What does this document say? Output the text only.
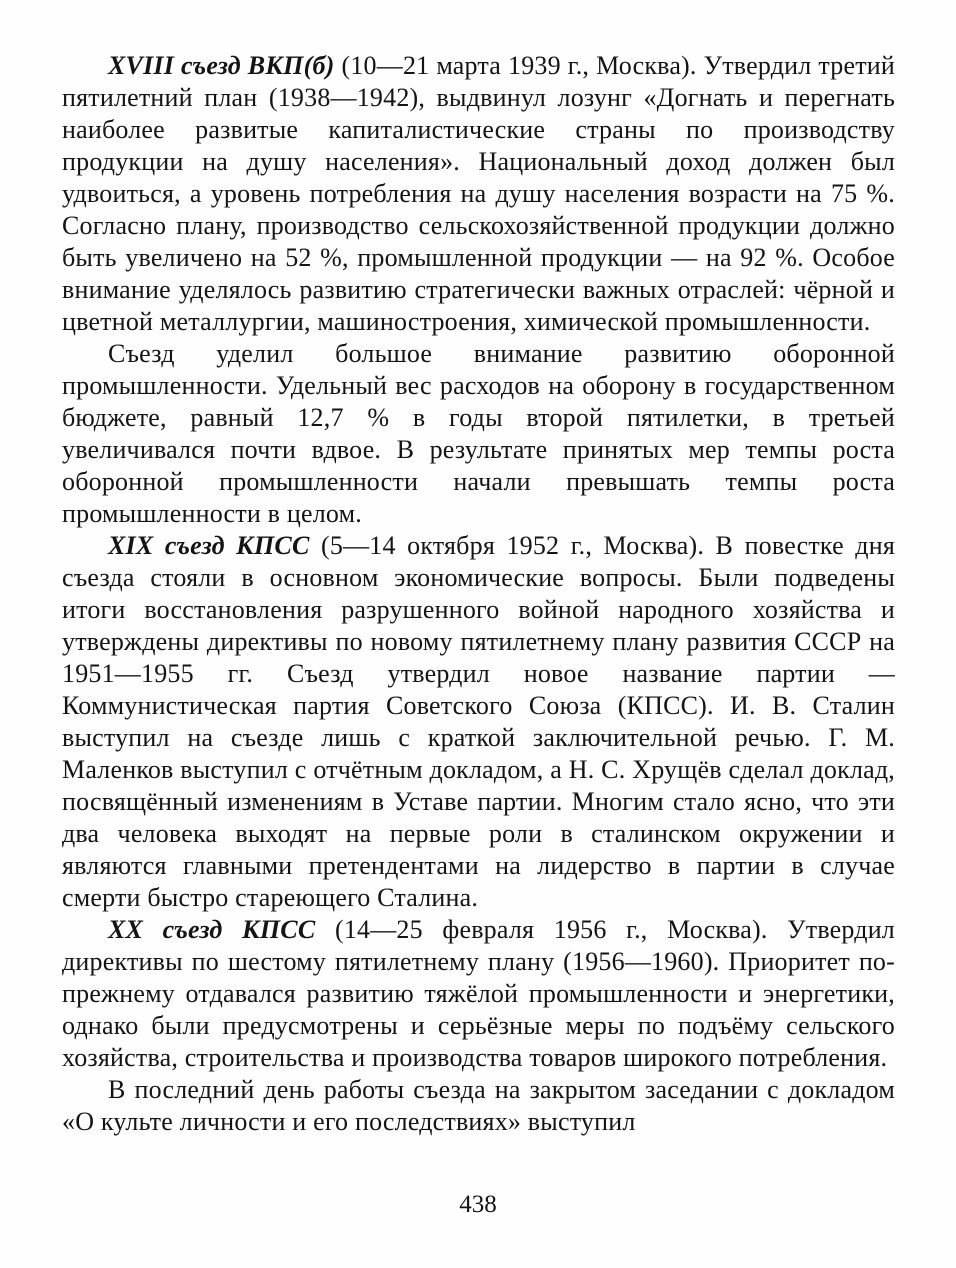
XVIII съезд ВКП(б) (10—21 марта 1939 г., Москва). Утвердил третий пятилетний план (1938—1942), выдвинул лозунг «Догнать и перегнать наиболее развитые капиталистические страны по производству продукции на душу населения». Национальный доход должен был удвоиться, а уровень потребления на душу населения возрасти на 75 %. Согласно плану, производство сельскохозяйственной продукции должно быть увеличено на 52 %, промышленной продукции — на 92 %. Особое внимание уделялось развитию стратегически важных отраслей: чёрной и цветной металлургии, машиностроения, химической промышленности.

Съезд уделил большое внимание развитию оборонной промышленности. Удельный вес расходов на оборону в государственном бюджете, равный 12,7 % в годы второй пятилетки, в третьей увеличивался почти вдвое. В результате принятых мер темпы роста оборонной промышленности начали превышать темпы роста промышленности в целом.

XIX съезд КПСС (5—14 октября 1952 г., Москва). В повестке дня съезда стояли в основном экономические вопросы. Были подведены итоги восстановления разрушенного войной народного хозяйства и утверждены директивы по новому пятилетнему плану развития СССР на 1951—1955 гг. Съезд утвердил новое название партии — Коммунистическая партия Советского Союза (КПСС). И. В. Сталин выступил на съезде лишь с краткой заключительной речью. Г. М. Маленков выступил с отчётным докладом, а Н. С. Хрущёв сделал доклад, посвящённый изменениям в Уставе партии. Многим стало ясно, что эти два человека выходят на первые роли в сталинском окружении и являются главными претендентами на лидерство в партии в случае смерти быстро стареющего Сталина.

XX съезд КПСС (14—25 февраля 1956 г., Москва). Утвердил директивы по шестому пятилетнему плану (1956—1960). Приоритет по-прежнему отдавался развитию тяжёлой промышленности и энергетики, однако были предусмотрены и серьёзные меры по подъёму сельского хозяйства, строительства и производства товаров широкого потребления.

В последний день работы съезда на закрытом заседании с докладом «О культе личности и его последствиях» выступил

438
